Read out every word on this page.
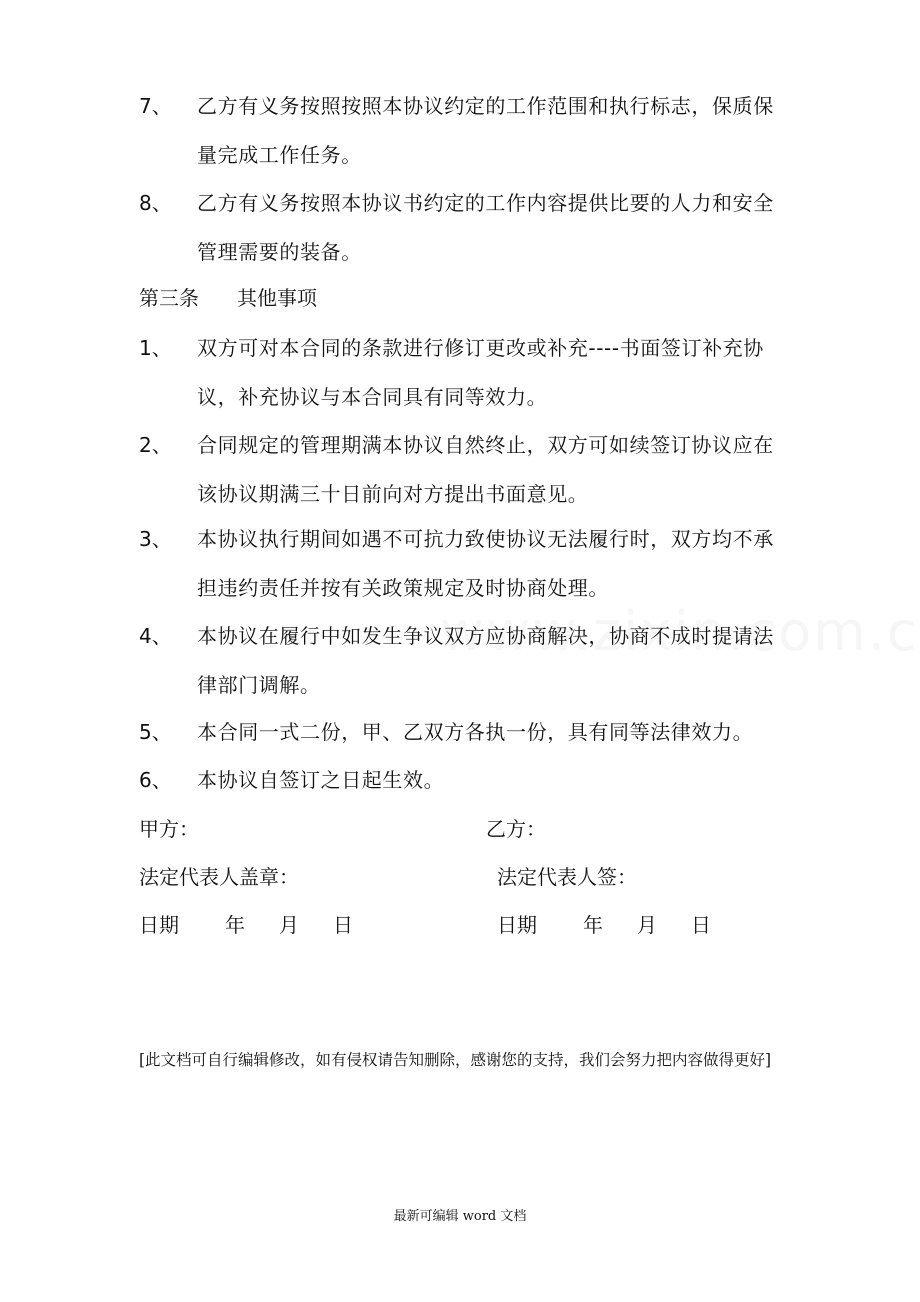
7、	乙方有义务按照按照本协议约定的工作范围和执行标志，保质保量完成工作任务。
8、	乙方有义务按照本协议书约定的工作内容提供比要的人力和安全管理需要的装备。
第三条 其他事项
1、	双方可对本合同的条款进行修订更改或补充----书面签订补充协议，补充协议与本合同具有同等效力。
2、	合同规定的管理期满本协议自然终止，双方可如续签订协议应在该协议期满三十日前向对方提出书面意见。
3、	本协议执行期间如遇不可抗力致使协议无法履行时，双方均不承担违约责任并按有关政策规定及时协商处理。
4、	本协议在履行中如发生争议双方应协商解决，协商不成时提请法律部门调解。
5、	本合同一式二份，甲、乙双方各执一份，具有同等法律效力。
6、	本协议自签订之日起生效。
甲方：	乙方：
法定代表人盖章：	法定代表人签：
日期 年 月 日	日期 年 月 日
[此文档可自行编辑修改，如有侵权请告知删除，感谢您的支持，我们会努力把内容做得更好]
最新可编辑 word 文档
